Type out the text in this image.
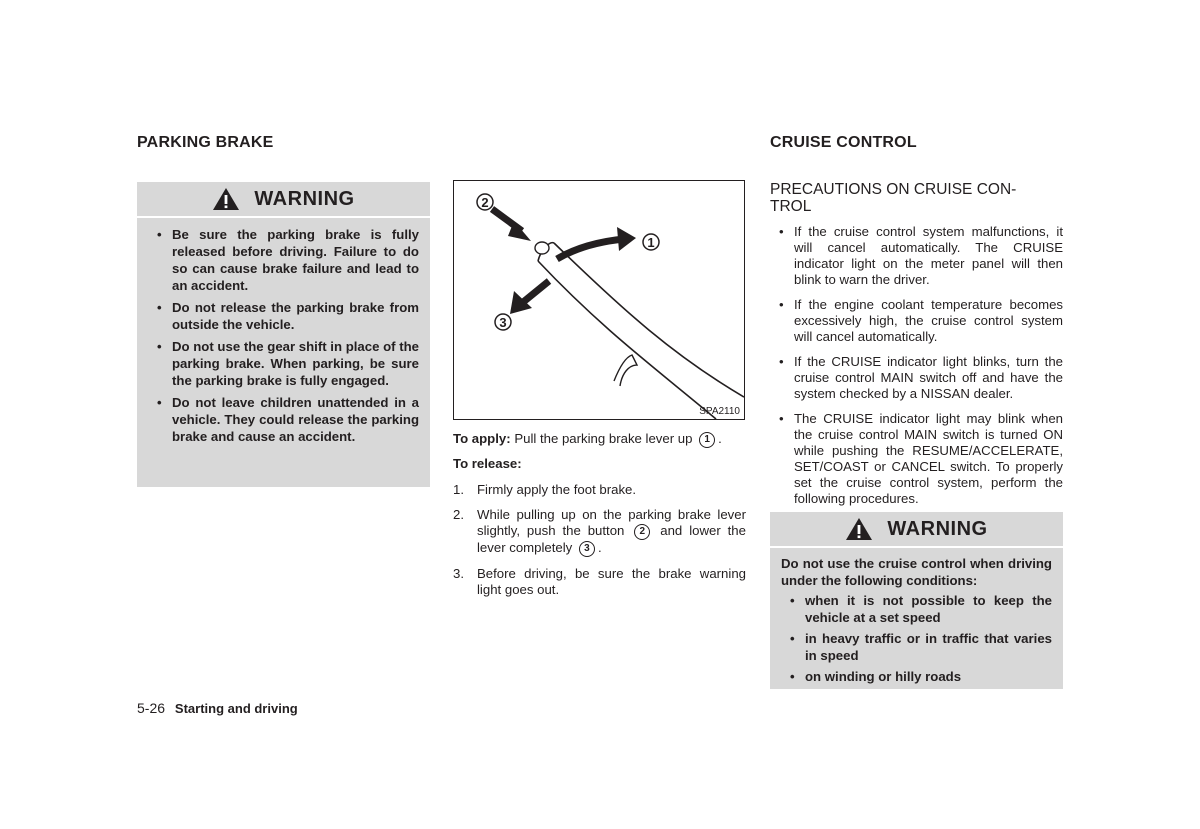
PARKING BRAKE
WARNING
• Be sure the parking brake is fully released before driving. Failure to do so can cause brake failure and lead to an accident.
• Do not release the parking brake from outside the vehicle.
• Do not use the gear shift in place of the parking brake. When parking, be sure the parking brake is fully engaged.
• Do not leave children unattended in a vehicle. They could release the parking brake and cause an accident.
2
1
3
SPA2110
To apply: Pull the parking brake lever up 1 .
To release:
1. Firmly apply the foot brake.
2. While pulling up on the parking brake lever slightly, push the button 2 and lower the lever completely 3 .
3. Before driving, be sure the brake warning light goes out.
CRUISE CONTROL
PRECAUTIONS ON CRUISE CON-TROL
• If the cruise control system malfunctions, it will cancel automatically. The CRUISE indicator light on the meter panel will then blink to warn the driver.
• If the engine coolant temperature becomes excessively high, the cruise control system will cancel automatically.
• If the CRUISE indicator light blinks, turn the cruise control MAIN switch off and have the system checked by a NISSAN dealer.
• The CRUISE indicator light may blink when the cruise control MAIN switch is turned ON while pushing the RESUME/ACCELERATE, SET/COAST or CANCEL switch. To properly set the cruise control system, perform the following procedures.
WARNING
Do not use the cruise control when driving under the following conditions:
• when it is not possible to keep the vehicle at a set speed
• in heavy traffic or in traffic that varies in speed
• on winding or hilly roads
5-26 Starting and driving
